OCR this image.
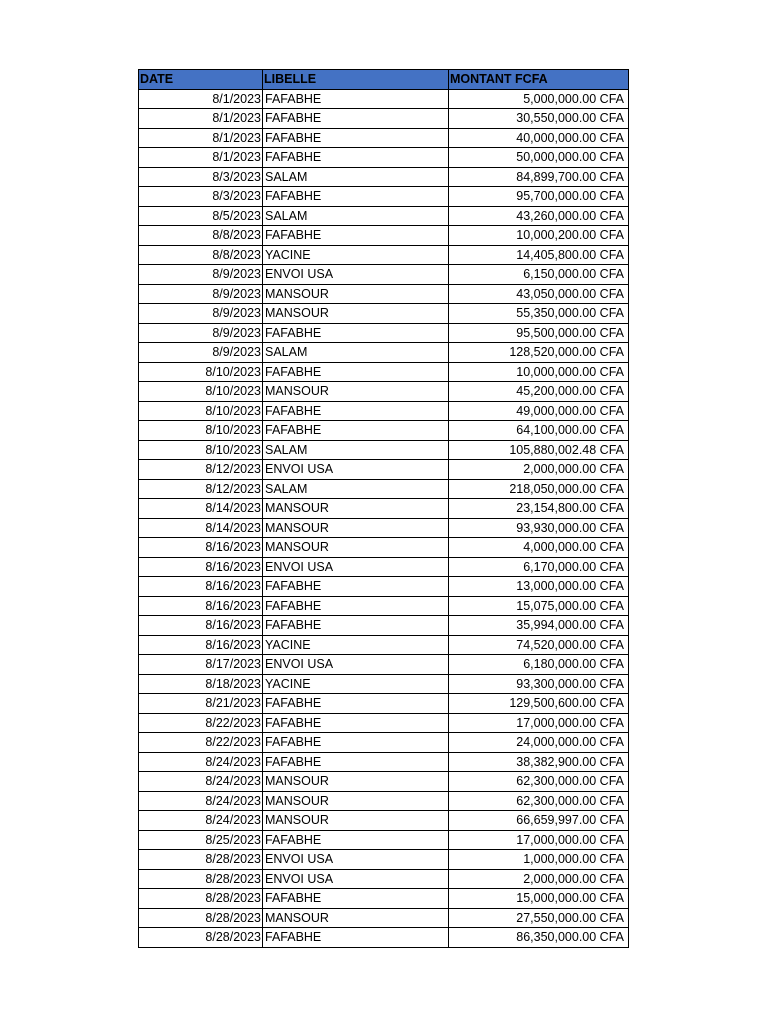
DATE	LIBELLE	MONTANT FCFA
8/1/2023	FAFABHE	5,000,000.00 CFA
8/1/2023	FAFABHE	30,550,000.00 CFA
8/1/2023	FAFABHE	40,000,000.00 CFA
8/1/2023	FAFABHE	50,000,000.00 CFA
8/3/2023	SALAM	84,899,700.00 CFA
8/3/2023	FAFABHE	95,700,000.00 CFA
8/5/2023	SALAM	43,260,000.00 CFA
8/8/2023	FAFABHE	10,000,200.00 CFA
8/8/2023	YACINE	14,405,800.00 CFA
8/9/2023	ENVOI USA	6,150,000.00 CFA
8/9/2023	MANSOUR	43,050,000.00 CFA
8/9/2023	MANSOUR	55,350,000.00 CFA
8/9/2023	FAFABHE	95,500,000.00 CFA
8/9/2023	SALAM	128,520,000.00 CFA
8/10/2023	FAFABHE	10,000,000.00 CFA
8/10/2023	MANSOUR	45,200,000.00 CFA
8/10/2023	FAFABHE	49,000,000.00 CFA
8/10/2023	FAFABHE	64,100,000.00 CFA
8/10/2023	SALAM	105,880,002.48 CFA
8/12/2023	ENVOI USA	2,000,000.00 CFA
8/12/2023	SALAM	218,050,000.00 CFA
8/14/2023	MANSOUR	23,154,800.00 CFA
8/14/2023	MANSOUR	93,930,000.00 CFA
8/16/2023	MANSOUR	4,000,000.00 CFA
8/16/2023	ENVOI USA	6,170,000.00 CFA
8/16/2023	FAFABHE	13,000,000.00 CFA
8/16/2023	FAFABHE	15,075,000.00 CFA
8/16/2023	FAFABHE	35,994,000.00 CFA
8/16/2023	YACINE	74,520,000.00 CFA
8/17/2023	ENVOI USA	6,180,000.00 CFA
8/18/2023	YACINE	93,300,000.00 CFA
8/21/2023	FAFABHE	129,500,600.00 CFA
8/22/2023	FAFABHE	17,000,000.00 CFA
8/22/2023	FAFABHE	24,000,000.00 CFA
8/24/2023	FAFABHE	38,382,900.00 CFA
8/24/2023	MANSOUR	62,300,000.00 CFA
8/24/2023	MANSOUR	62,300,000.00 CFA
8/24/2023	MANSOUR	66,659,997.00 CFA
8/25/2023	FAFABHE	17,000,000.00 CFA
8/28/2023	ENVOI USA	1,000,000.00 CFA
8/28/2023	ENVOI USA	2,000,000.00 CFA
8/28/2023	FAFABHE	15,000,000.00 CFA
8/28/2023	MANSOUR	27,550,000.00 CFA
8/28/2023	FAFABHE	86,350,000.00 CFA
